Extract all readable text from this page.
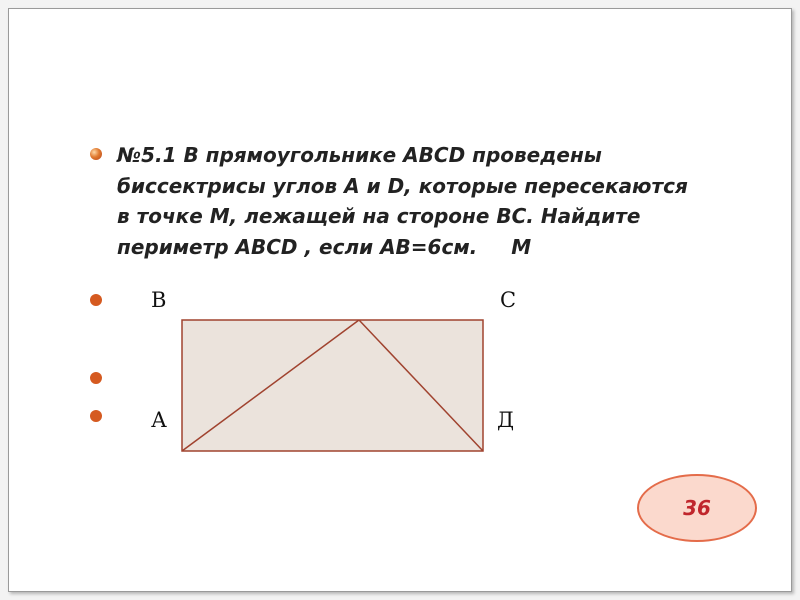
№5.1 В прямоугольнике АВСD проведены
биссектрисы углов А и D, которые пересекаются
в точке М, лежащей на стороне ВС. Найдите
периметр АВСD , если АВ=6см. M
В	С
А	Д
36
